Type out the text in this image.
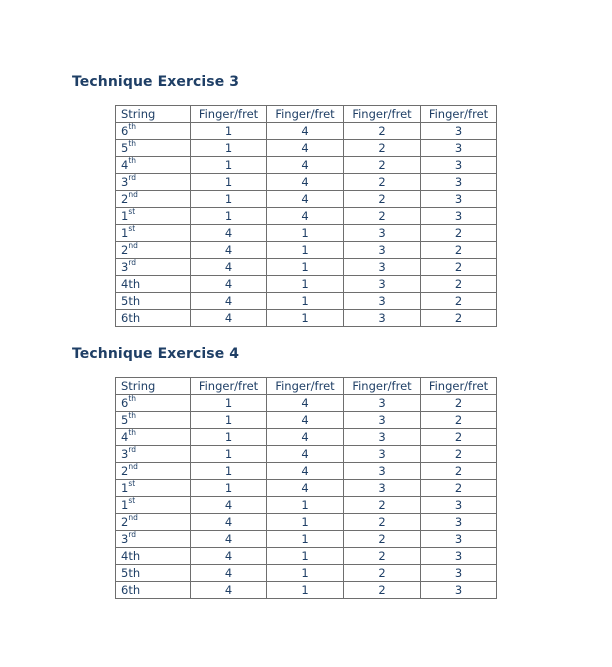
Technique Exercise 3
String	Finger/fret	Finger/fret	Finger/fret	Finger/fret
6th	1	4	2	3
5th	1	4	2	3
4th	1	4	2	3
3rd	1	4	2	3
2nd	1	4	2	3
1st	1	4	2	3
1st	4	1	3	2
2nd	4	1	3	2
3rd	4	1	3	2
4th	4	1	3	2
5th	4	1	3	2
6th	4	1	3	2
Technique Exercise 4
String	Finger/fret	Finger/fret	Finger/fret	Finger/fret
6th	1	4	3	2
5th	1	4	3	2
4th	1	4	3	2
3rd	1	4	3	2
2nd	1	4	3	2
1st	1	4	3	2
1st	4	1	2	3
2nd	4	1	2	3
3rd	4	1	2	3
4th	4	1	2	3
5th	4	1	2	3
6th	4	1	2	3
